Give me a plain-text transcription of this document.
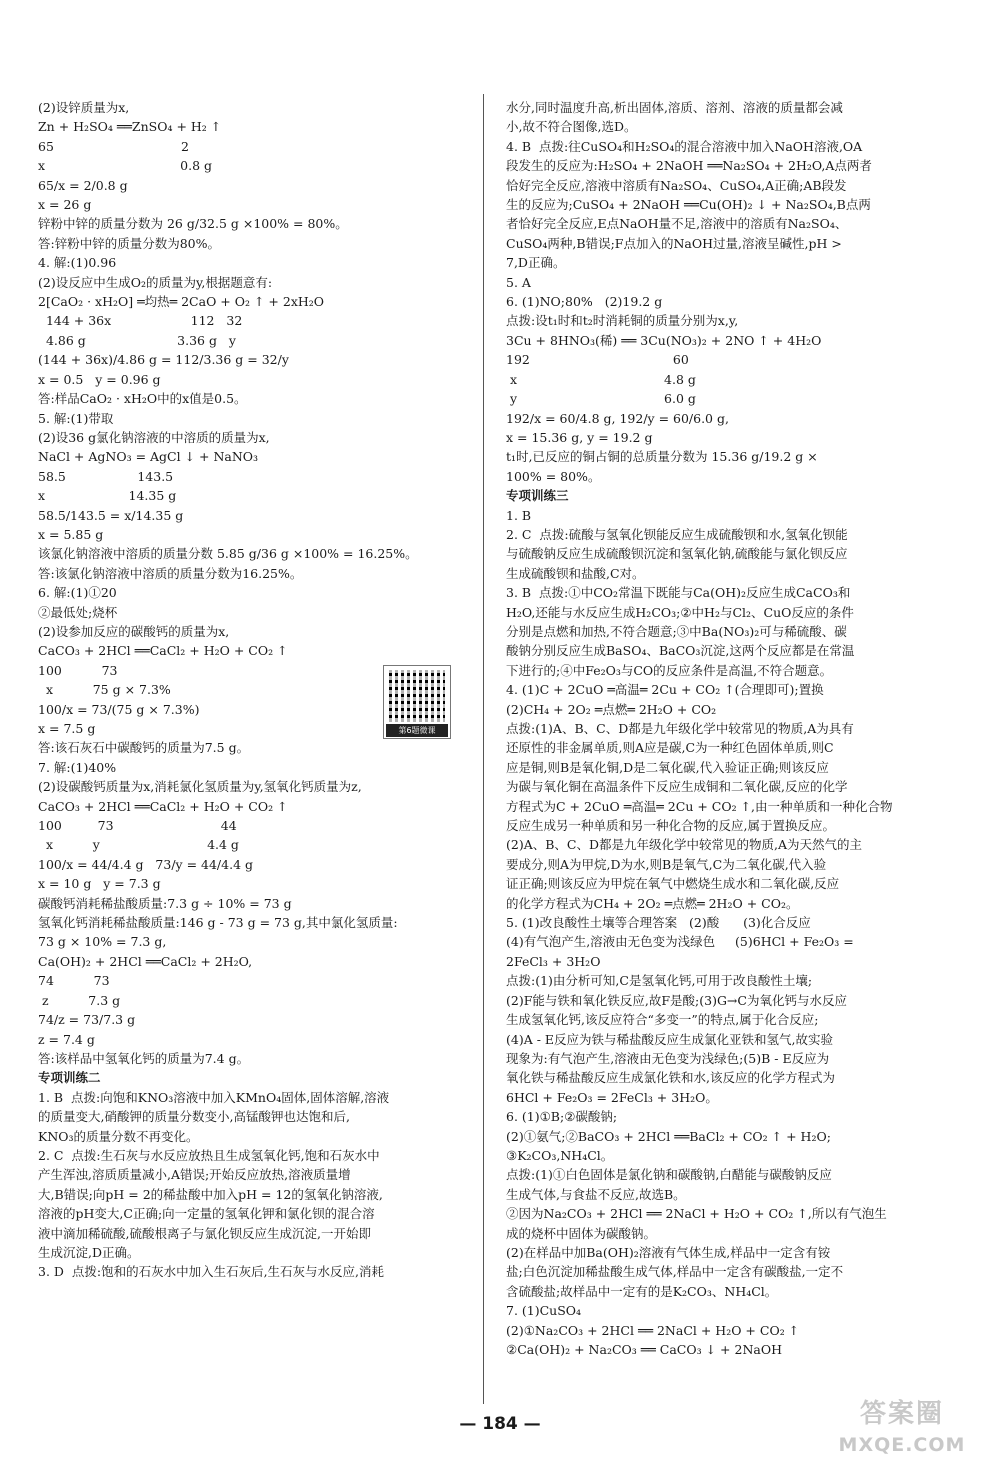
(2)设锌质量为x,
Zn + H₂SO₄ ══ZnSO₄ + H₂ ↑
65                                2
x                                  0.8 g
65/x = 2/0.8 g
x = 26 g
锌粉中锌的质量分数为 26 g/32.5 g ×100% = 80%。
答:锌粉中锌的质量分数为80%。
4. 解:(1)0.96
(2)设反应中生成O₂的质量为y,根据题意有:
2[CaO₂ · xH₂O] ═均热═ 2CaO + O₂ ↑ + 2xH₂O
144 + 36x                    112   32
4.86 g                       3.36 g   y
(144 + 36x)/4.86 g = 112/3.36 g = 32/y
x = 0.5   y = 0.96 g
答:样品CaO₂ · xH₂O中的x值是0.5。
5. 解:(1)带取
(2)设36 g氯化钠溶液的中溶质的质量为x,
NaCl + AgNO₃ = AgCl ↓ + NaNO₃
58.5                  143.5
x                     14.35 g
58.5/143.5 = x/14.35 g
x = 5.85 g
该氯化钠溶液中溶质的质量分数 5.85 g/36 g ×100% = 16.25%。
答:该氯化钠溶液中溶质的质量分数为16.25%。
6. 解:(1)①20
②最低处;烧杯
(2)设参加反应的碳酸钙的质量为x,
CaCO₃ + 2HCl ══CaCl₂ + H₂O + CO₂ ↑
100          73
x          75 g × 7.3%
100/x = 73/(75 g × 7.3%)
x = 7.5 g
答:该石灰石中碳酸钙的质量为7.5 g。
7. 解:(1)40%
(2)设碳酸钙质量为x,消耗氯化氢质量为y,氢氧化钙质量为z,
CaCO₃ + 2HCl ══CaCl₂ + H₂O + CO₂ ↑
100         73                           44
x          y                           4.4 g
100/x = 44/4.4 g   73/y = 44/4.4 g
x = 10 g   y = 7.3 g
碳酸钙消耗稀盐酸质量:7.3 g ÷ 10% = 73 g
氢氧化钙消耗稀盐酸质量:146 g - 73 g = 73 g,其中氯化氢质量:
73 g × 10% = 7.3 g,
Ca(OH)₂ + 2HCl ══CaCl₂ + 2H₂O,
74          73
z          7.3 g
74/z = 73/7.3 g
z = 7.4 g
答:该样品中氢氧化钙的质量为7.4 g。
专项训练二
1. B  点拨:向饱和KNO₃溶液中加入KMnO₄固体,固体溶解,溶液
的质量变大,硝酸钾的质量分数变小,高锰酸钾也达饱和后,
KNO₃的质量分数不再变化。
2. C  点拨:生石灰与水反应放热且生成氢氧化钙,饱和石灰水中
产生浑浊,溶质质量减小,A错误;开始反应放热,溶液质量增
大,B错误;向pH = 2的稀盐酸中加入pH = 12的氢氧化钠溶液,
溶液的pH变大,C正确;向一定量的氢氧化钾和氯化钡的混合溶
液中滴加稀硫酸,硫酸根离子与氯化钡反应生成沉淀,一开始即
生成沉淀,D正确。
3. D  点拨:饱和的石灰水中加入生石灰后,生石灰与水反应,消耗
水分,同时温度升高,析出固体,溶质、溶剂、溶液的质量都会减
小,故不符合图像,选D。
4. B  点拨:往CuSO₄和H₂SO₄的混合溶液中加入NaOH溶液,OA
段发生的反应为:H₂SO₄ + 2NaOH ══Na₂SO₄ + 2H₂O,A点两者
恰好完全反应,溶液中溶质有Na₂SO₄、CuSO₄,A正确;AB段发
生的反应为;CuSO₄ + 2NaOH ══Cu(OH)₂ ↓ + Na₂SO₄,B点两
者恰好完全反应,E点NaOH量不足,溶液中的溶质有Na₂SO₄、
CuSO₄两种,B错误;F点加入的NaOH过量,溶液呈碱性,pH >
7,D正确。
5. A
6. (1)NO;80%   (2)19.2 g
点拨:设t₁时和t₂时消耗铜的质量分别为x,y,
3Cu + 8HNO₃(稀) ══ 3Cu(NO₃)₂ + 2NO ↑ + 4H₂O
192                                    60
x                                     4.8 g
y                                     6.0 g
192/x = 60/4.8 g, 192/y = 60/6.0 g,
x = 15.36 g, y = 19.2 g
t₁时,已反应的铜占铜的总质量分数为 15.36 g/19.2 g ×
100% = 80%。
专项训练三
1. B
2. C  点拨:硫酸与氢氧化钡能反应生成硫酸钡和水,氢氧化钡能
与硫酸钠反应生成硫酸钡沉淀和氢氧化钠,硫酸能与氯化钡反应
生成硫酸钡和盐酸,C对。
3. B  点拨:①中CO₂常温下既能与Ca(OH)₂反应生成CaCO₃和
H₂O,还能与水反应生成H₂CO₃;②中H₂与Cl₂、CuO反应的条件
分别是点燃和加热,不符合题意;③中Ba(NO₃)₂可与稀硫酸、碳
酸钠分别反应生成BaSO₄、BaCO₃沉淀,这两个反应都是在常温
下进行的;④中Fe₂O₃与CO的反应条件是高温,不符合题意。
4. (1)C + 2CuO ═高温═ 2Cu + CO₂ ↑(合理即可);置换
(2)CH₄ + 2O₂ ═点燃═ 2H₂O + CO₂
点拨:(1)A、B、C、D都是九年级化学中较常见的物质,A为具有
还原性的非金属单质,则A应是碳,C为一种红色固体单质,则C
应是铜,则B是氧化铜,D是二氧化碳,代入验证正确;则该反应
为碳与氧化铜在高温条件下反应生成铜和二氧化碳,反应的化学
方程式为C + 2CuO ═高温═ 2Cu + CO₂ ↑,由一种单质和一种化合物
反应生成另一种单质和另一种化合物的反应,属于置换反应。
(2)A、B、C、D都是九年级化学中较常见的物质,A为天然气的主
要成分,则A为甲烷,D为水,则B是氧气,C为二氧化碳,代入验
证正确;则该反应为甲烷在氧气中燃烧生成水和二氧化碳,反应
的化学方程式为CH₄ + 2O₂ ═点燃═ 2H₂O + CO₂。
5. (1)改良酸性土壤等合理答案   (2)酸      (3)化合反应
(4)有气泡产生,溶液由无色变为浅绿色     (5)6HCl + Fe₂O₃ =
2FeCl₃ + 3H₂O
点拨:(1)由分析可知,C是氢氧化钙,可用于改良酸性土壤;
(2)F能与铁和氧化铁反应,故F是酸;(3)G→C为氧化钙与水反应
生成氢氧化钙,该反应符合“多变一”的特点,属于化合反应;
(4)A - E反应为铁与稀盐酸反应生成氯化亚铁和氢气,故实验
现象为:有气泡产生,溶液由无色变为浅绿色;(5)B - E反应为
氧化铁与稀盐酸反应生成氯化铁和水,该反应的化学方程式为
6HCl + Fe₂O₃ = 2FeCl₃ + 3H₂O。
6. (1)①B;②碳酸钠;
(2)①氨气;②BaCO₃ + 2HCl ══BaCl₂ + CO₂ ↑ + H₂O;
③K₂CO₃,NH₄Cl。
点拨:(1)①白色固体是氯化钠和碳酸钠,白醋能与碳酸钠反应
生成气体,与食盐不反应,故选B。
②因为Na₂CO₃ + 2HCl ══ 2NaCl + H₂O + CO₂ ↑,所以有气泡生
成的烧杯中固体为碳酸钠。
(2)在样品中加Ba(OH)₂溶液有气体生成,样品中一定含有铵
盐;白色沉淀加稀盐酸生成气体,样品中一定含有碳酸盐,一定不
含硫酸盐;故样品中一定有的是K₂CO₃、NH₄Cl。
7. (1)CuSO₄
(2)①Na₂CO₃ + 2HCl ══ 2NaCl + H₂O + CO₂ ↑
②Ca(OH)₂ + Na₂CO₃ ══ CaCO₃ ↓ + 2NaOH
第6题微课
— 184 —	答案圈
MXQE.COM
